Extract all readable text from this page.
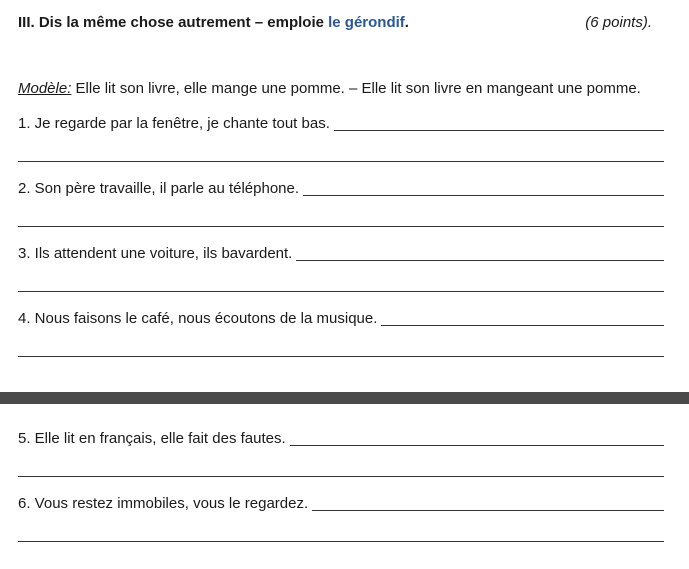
III. Dis la même chose autrement – emploie le gérondif.	(6 points).
Modèle: Elle lit son livre, elle mange une pomme. – Elle lit son livre en mangeant une pomme.
1. Je regarde par la fenêtre, je chante tout bas.
2. Son père travaille, il parle au téléphone.
3. Ils attendent une voiture, ils bavardent.
4. Nous faisons le café, nous écoutons de la musique.
5. Elle lit en français, elle fait des fautes.
6. Vous restez immobiles, vous le regardez.
